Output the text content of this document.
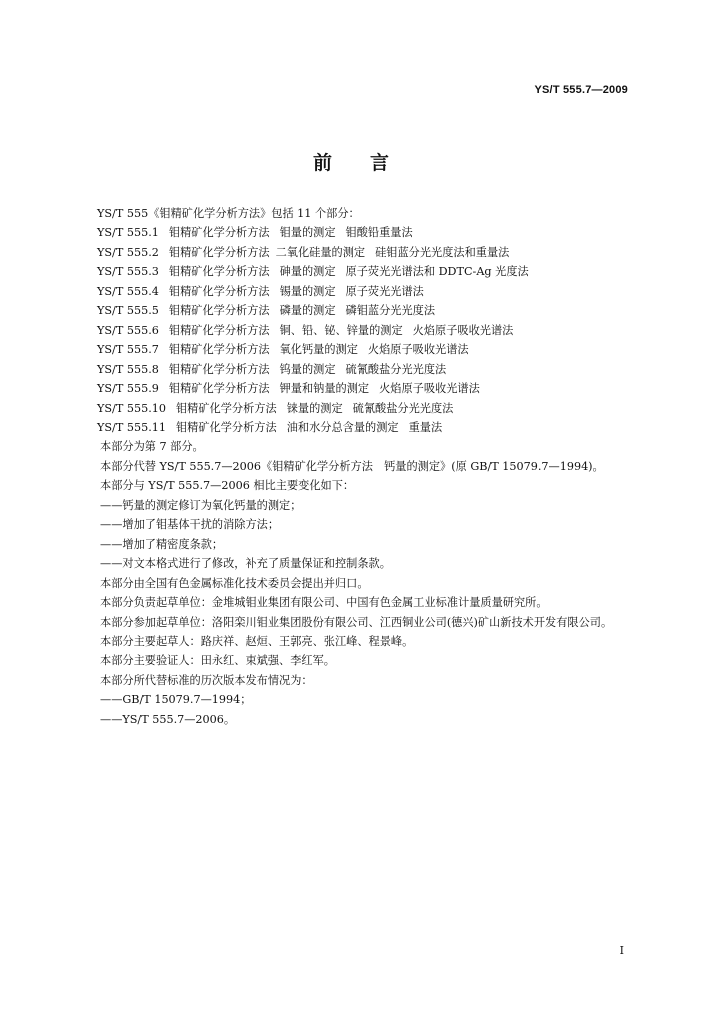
YS/T 555.7—2009
前言

YS/T 555《钼精矿化学分析方法》包括 11 个部分：

YS/T 555.1 钼精矿化学分析方法 钼量的测定 钼酸铅重量法

YS/T 555.2 钼精矿化学分析方法 二氧化硅量的测定 硅钼蓝分光光度法和重量法

YS/T 555.3 钼精矿化学分析方法 砷量的测定 原子荧光光谱法和 DDTC-Ag 光度法

YS/T 555.4 钼精矿化学分析方法 锡量的测定 原子荧光光谱法

YS/T 555.5 钼精矿化学分析方法 磷量的测定 磷钼蓝分光光度法

YS/T 555.6 钼精矿化学分析方法 铜、铅、铋、锌量的测定 火焰原子吸收光谱法

YS/T 555.7 钼精矿化学分析方法 氧化钙量的测定 火焰原子吸收光谱法

YS/T 555.8 钼精矿化学分析方法 钨量的测定 硫氰酸盐分光光度法

YS/T 555.9 钼精矿化学分析方法 钾量和钠量的测定 火焰原子吸收光谱法

YS/T 555.10 钼精矿化学分析方法 铼量的测定 硫氰酸盐分光光度法

YS/T 555.11 钼精矿化学分析方法 油和水分总含量的测定 重量法

本部分为第 7 部分。

本部分代替 YS/T 555.7—2006《钼精矿化学分析方法　钙量的测定》(原 GB/T 15079.7—1994)。

本部分与 YS/T 555.7—2006 相比主要变化如下：

——钙量的测定修订为氧化钙量的测定；

——增加了钼基体干扰的消除方法；

——增加了精密度条款；

——对文本格式进行了修改，补充了质量保证和控制条款。

本部分由全国有色金属标准化技术委员会提出并归口。

本部分负责起草单位：金堆城钼业集团有限公司、中国有色金属工业标准计量质量研究所。

本部分参加起草单位：洛阳栾川钼业集团股份有限公司、江西铜业公司(德兴)矿山新技术开发有限公司。

本部分主要起草人：路庆祥、赵烜、王郭亮、张江峰、程景峰。

本部分主要验证人：田永红、束斌强、李红军。

本部分所代替标准的历次版本发布情况为：

——GB/T 15079.7—1994；

——YS/T 555.7—2006。

I
